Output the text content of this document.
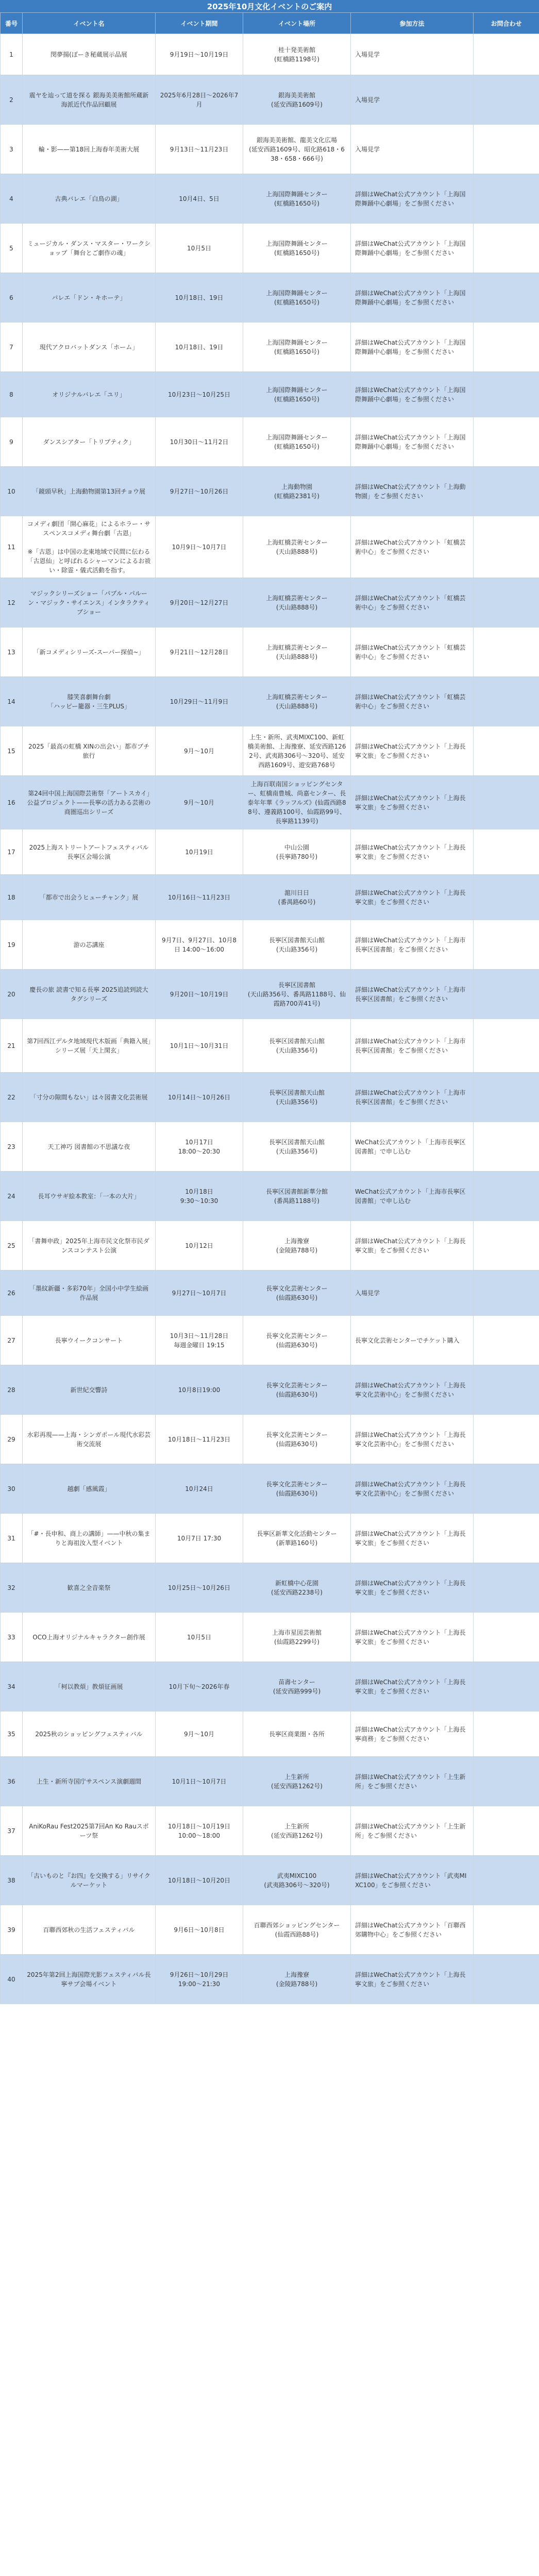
2025年10月文化イベントのご案内
番号	イベント名	イベント期間	イベント場所	参加方法	お問合わせ
1	閔夢揚(ぼーき秘蔵展示品展	9月19日～10月19日	桂十発美術館
(虹橋路1198号)	入場見学	
2	震ヤを辿って道を探る 銀海美美術館所蔵新海派近代作品回顧展	2025年6月28日～2026年7月	銀海美美術館
(延安西路1609号)	入場見学	
3	輪・影——第18回上海春年美術大展	9月13日～11月23日	銀海美美術館、龍美文化広場
(延安西路1609号、昭化路618・638・658・666号)	入場見学	
4	古典バレエ「白鳥の湖」	10月4日、5日	上海国際舞踊センター
(虹橋路1650号)	詳細はWeChat公式アカウント「上海国際舞踊中心劇場」をご参照ください	
5	ミュージカル・ダンス・マスター・ワークショップ「舞台とご劇作の魂」	10月5日	上海国際舞踊センター
(虹橋路1650号)	詳細はWeChat公式アカウント「上海国際舞踊中心劇場」をご参照ください	
6	バレエ「ドン・キホーテ」	10月18日、19日	上海国際舞踊センター
(虹橋路1650号)	詳細はWeChat公式アカウント「上海国際舞踊中心劇場」をご参照ください	
7	現代アクロバットダンス「ホーム」	10月18日、19日	上海国際舞踊センター
(虹橋路1650号)	詳細はWeChat公式アカウント「上海国際舞踊中心劇場」をご参照ください	
8	オリジナルバレエ「ユリ」	10月23日～10月25日	上海国際舞踊センター
(虹橋路1650号)	詳細はWeChat公式アカウント「上海国際舞踊中心劇場」をご参照ください	
9	ダンスシアター「トリプティク」	10月30日～11月2日	上海国際舞踊センター
(虹橋路1650号)	詳細はWeChat公式アカウント「上海国際舞踊中心劇場」をご参照ください	
10	「鏡頭早秋」上海動物園第13回チョウ展	9月27日～10月26日	上海動物園
(虹橋路2381号)	詳細はWeChat公式アカウント「上海動物園」をご参照ください	
11	コメディ劇団「開心麻花」によるホラー・サスペンスコメディ舞台劇「古恩」

※「古恩」は中国の北東地域で民間に伝わる「古恩仙」と呼ばれるシャーマンによるお祓い・除霊・儀式活動を指す。	10月9日～10月7日	上海虹橋芸術センター
(天山路888号)	詳細はWeChat公式アカウント「虹橋芸術中心」をご参照ください	
12	マジックシリーズショー「パブル・パルーン・マジック・サイエンス」インタラクティブショー	9月20日～12月27日	上海虹橋芸術センター
(天山路888号)	詳細はWeChat公式アカウント「虹橋芸術中心」をご参照ください	
13	「新コメディシリーズ-スーパー探偵~」	9月21日～12月28日	上海虹橋芸術センター
(天山路888号)	詳細はWeChat公式アカウント「虹橋芸術中心」をご参照ください	
14	膝笑喜劇舞台劇
「ハッピー籠器・三生PLUS」	10月29日～11月9日	上海虹橋芸術センター
(天山路888号)	詳細はWeChat公式アカウント「虹橋芸術中心」をご参照ください	
15	2025「最高の虹橋 XINの出会い」都市ブチ旅行	9月～10月	上生・新所、武夷MIXC100、新虹橋美術館、上海豫寮、延安西路1262号、武夷路306号～320号、延安西路1609号、遊安路768号	詳細はWeChat公式アカウント「上海長寧文旅」をご参照ください	
16	第24回中国上海国際芸術祭「アートスカイ」公益プロジェクト——長寧の活力ある芸術の商圏巡出シリーズ	9月～10月	上海百联南国ショッピングセンター、虹橋南豊城、尚嘉センター、長泰年年華《ラッフルズ》(仙霞西路88号、遵義路100号、仙霞路99号、長寧路1139号)	詳細はWeChat公式アカウント「上海長寧文旅」をご参照ください	
17	2025上海ストリートアートフェスティバル長寧区会場公演	10月19日	中山公園
(長寧路780号)	詳細はWeChat公式アカウント「上海長寧文旅」をご参照ください	
18	「都市で出会うヒューチャンク」展	10月16日～11月23日	滬川日日
(番禺路60号)	詳細はWeChat公式アカウント「上海長寧文旅」をご参照ください	
19	游の芯講座	9月7日、9月27日、10月8日 14:00～16:00	長寧区図書館天山館
(天山路356号)	詳細はWeChat公式アカウント「上海市長寧区図書館」をご参照ください	
20	慶長の旅 読書で知る長寧 2025追読到読大タグシリーズ	9月20日～10月19日	長寧区図書館
(天山路356号、番禺路1188号、仙霞路700弄41号)	詳細はWeChat公式アカウント「上海市長寧区図書館」をご参照ください	
21	第7回西江デルタ地域現代木版画「典籍入展」シリーズ展「天上閑玄」	10月1日～10月31日	長寧区図書館天山館
(天山路356号)	詳細はWeChat公式アカウント「上海市長寧区図書館」をご参照ください	
22	「寸分の隙間もない」は々図書文化芸術展	10月14日～10月26日	長寧区図書館天山館
(天山路356号)	詳細はWeChat公式アカウント「上海市長寧区図書館」をご参照ください	
23	天工神巧 図書館の不思議な夜	10月17日
18:00～20:30	長寧区図書館天山館
(天山路356号)	WeChat公式アカウント「上海市長寧区図書館」で申し込む	
24	長耳ウサギ絵本教室：「一本の大片」	10月18日
9:30～10:30	長寧区図書館新華分館
(番禺路1188号)	WeChat公式アカウント「上海市長寧区図書館」で申し込む	
25	「書舞申政」2025年上海市民文化祭市民ダンスコンテスト公演	10月12日	上海豫寮
(金陵路788号)	詳細はWeChat公式アカウント「上海長寧文旅」をご参照ください	
26	「墨紋新疆・多彩70年」全国小中学生絵画作品展	9月27日～10月7日	長寧文化芸術センター
(仙霞路630号)	入場見学	
27	長寧ウイークコンサート	10月3日～11月28日
毎週金曜日 19:15	長寧文化芸術センター
(仙霞路630号)	長寧文化芸術センターでチケット購入	
28	新世紀交響詩	10月8日19:00	長寧文化芸術センター
(仙霞路630号)	詳細はWeChat公式アカウント「上海長寧文化芸術中心」をご参照ください	
29	水彩再現——上海・シンガポール現代水彩芸術交流展	10月18日～11月23日	長寧文化芸術センター
(仙霞路630号)	詳細はWeChat公式アカウント「上海長寧文化芸術中心」をご参照ください	
30	越劇「感風霞」	10月24日	長寧文化芸術センター
(仙霞路630号)	詳細はWeChat公式アカウント「上海長寧文化芸術中心」をご参照ください	
31	「#・長申和、商上の講師」——中秋の集まりと海祖汝入型イベント	10月7日 17:30	長寧区新華文化活動センター
(新華路160号)	詳細はWeChat公式アカウント「上海長寧文旅」をご参照ください	
32	歓喜之全音楽祭	10月25日～10月26日	新虹橋中心花園
(延安西路2238号)	詳細はWeChat公式アカウント「上海長寧文旅」をご参照ください	
33	OCO上海オリジナルキャラクター創作展	10月5日	上海市星図芸術館
(仙霞路2299号)	詳細はWeChat公式アカウント「上海長寧文旅」をご参照ください	
34	「柯以教煩」教煩征画展	10月下旬～2026年春	苗壽センター
(延安西路999号)	詳細はWeChat公式アカウント「上海長寧文旅」をご参照ください	
35	2025秋のショッピングフェスティバル	9月～10月	長寧区商業圏・各所	詳細はWeChat公式アカウント「上海長寧商務」をご参照ください	
36	上生・新所寺国庁サスペンス演劇週間	10月1日～10月7日	上生新所
(延安西路1262号)	詳細はWeChat公式アカウント「上生新所」をご参照ください	
37	AniKoRau Fest2025第7回An Ko Rauスポーツ祭	10月18日～10月19日
10:00～18:00	上生新所
(延安西路1262号)	詳細はWeChat公式アカウント「上生新所」をご参照ください	
38	「古いものと『お四』を交換する」リサイクルマーケット	10月18日～10月20日	武夷MIXC100
(武夷路306号～320号)	詳細はWeChat公式アカウント「武夷MIXC100」をご参照ください	
39	百聯西郊秋の生活フェスティバル	9月6日～10月8日	百聯西郊ショッピングセンター
(仙霞西路88号)	詳細はWeChat公式アカウント「百聯西郊購物中心」をご参照ください	
40	2025年第2回上海国際光影フェスティバル長寧サブ会場イベント	9月26日～10月29日
19:00～21:30	上海豫寮
(金陵路788号)	詳細はWeChat公式アカウント「上海長寧文旅」をご参照ください	
